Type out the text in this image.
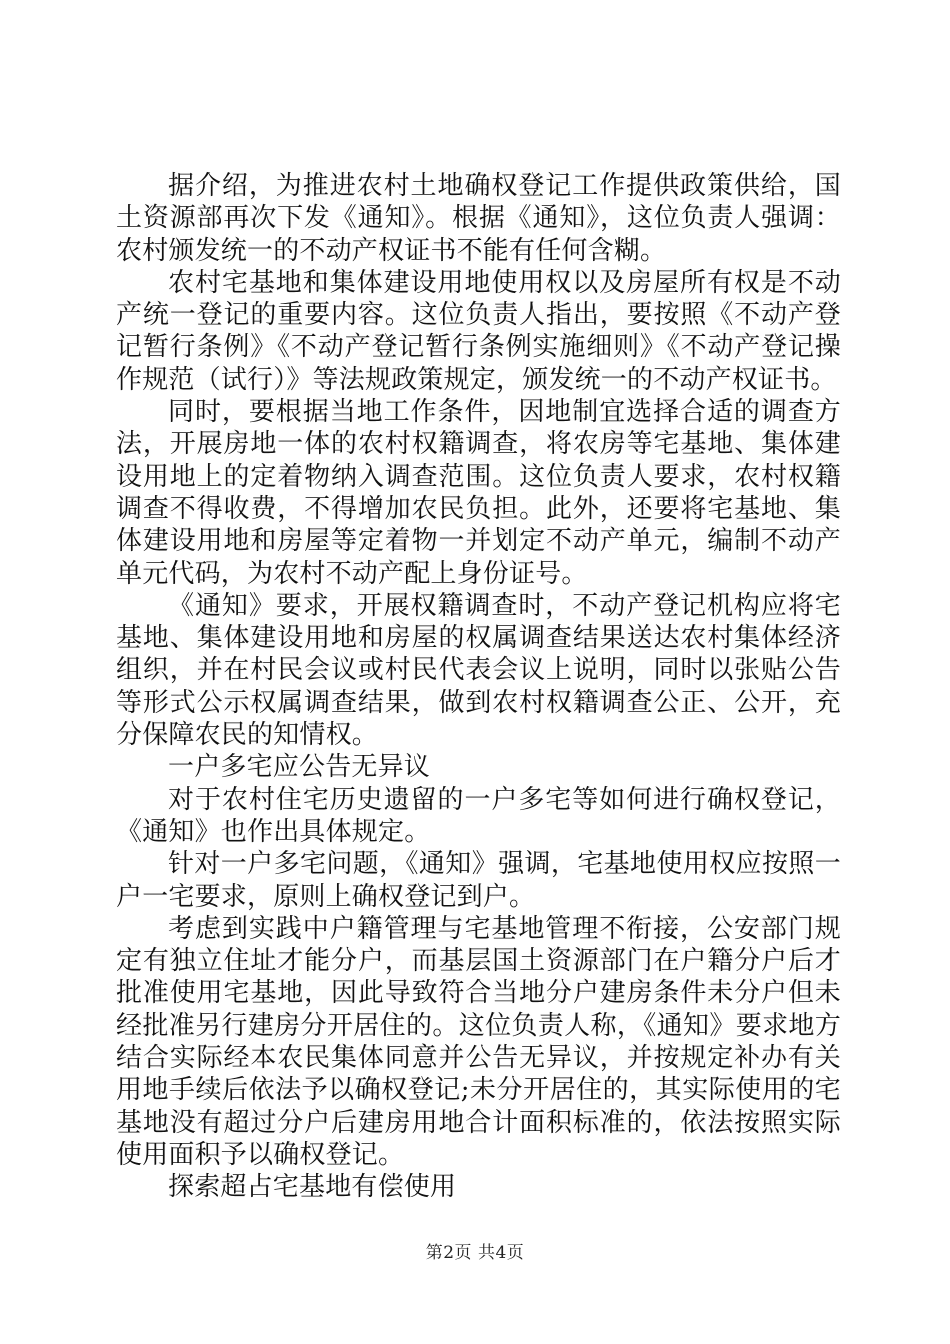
据介绍，为推进农村土地确权登记工作提供政策供给，国土资源部再次下发《通知》。根据《通知》，这位负责人强调：农村颁发统一的不动产权证书不能有任何含糊。

农村宅基地和集体建设用地使用权以及房屋所有权是不动产统一登记的重要内容。这位负责人指出，要按照《不动产登记暂行条例》《不动产登记暂行条例实施细则》《不动产登记操作规范（试行）》等法规政策规定，颁发统一的不动产权证书。

同时，要根据当地工作条件，因地制宜选择合适的调查方法，开展房地一体的农村权籍调查，将农房等宅基地、集体建设用地上的定着物纳入调查范围。这位负责人要求，农村权籍调查不得收费，不得增加农民负担。此外，还要将宅基地、集体建设用地和房屋等定着物一并划定不动产单元，编制不动产单元代码，为农村不动产配上身份证号。

《通知》要求，开展权籍调查时，不动产登记机构应将宅基地、集体建设用地和房屋的权属调查结果送达农村集体经济组织，并在村民会议或村民代表会议上说明，同时以张贴公告等形式公示权属调查结果，做到农村权籍调查公正、公开，充分保障农民的知情权。

一户多宅应公告无异议

对于农村住宅历史遗留的一户多宅等如何进行确权登记，《通知》也作出具体规定。

针对一户多宅问题，《通知》强调，宅基地使用权应按照一户一宅要求，原则上确权登记到户。

考虑到实践中户籍管理与宅基地管理不衔接，公安部门规定有独立住址才能分户，而基层国土资源部门在户籍分户后才批准使用宅基地，因此导致符合当地分户建房条件未分户但未经批准另行建房分开居住的。这位负责人称，《通知》要求地方结合实际经本农民集体同意并公告无异议，并按规定补办有关用地手续后依法予以确权登记;未分开居住的，其实际使用的宅基地没有超过分户后建房用地合计面积标准的，依法按照实际使用面积予以确权登记。

探索超占宅基地有偿使用

第2页 共4页
